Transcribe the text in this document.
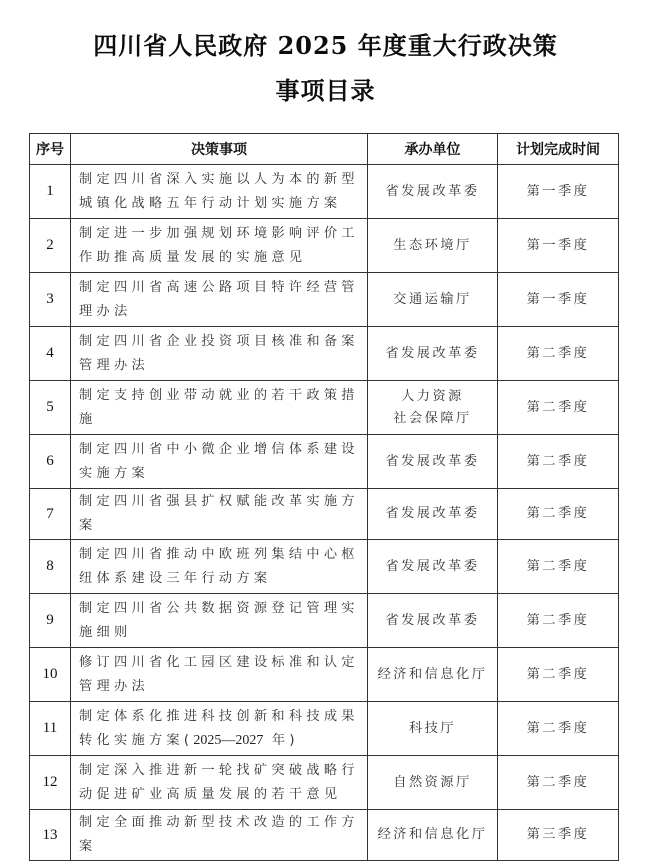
四川省人民政府 2025 年度重大行政决策
事项目录
序号	决策事项	承办单位	计划完成时间
1	制定四川省深入实施以人为本的新型城镇化战略五年行动计划实施方案	省发展改革委	第一季度
2	制定进一步加强规划环境影响评价工作助推高质量发展的实施意见	生态环境厅	第一季度
3	制定四川省高速公路项目特许经营管理办法	交通运输厅	第一季度
4	制定四川省企业投资项目核准和备案管理办法	省发展改革委	第二季度
5	制定支持创业带动就业的若干政策措施	人力资源
社会保障厅	第二季度
6	制定四川省中小微企业增信体系建设实施方案	省发展改革委	第二季度
7	制定四川省强县扩权赋能改革实施方案	省发展改革委	第二季度
8	制定四川省推动中欧班列集结中心枢纽体系建设三年行动方案	省发展改革委	第二季度
9	制定四川省公共数据资源登记管理实施细则	省发展改革委	第二季度
10	修订四川省化工园区建设标准和认定管理办法	经济和信息化厅	第二季度
11	制定体系化推进科技创新和科技成果转化实施方案(2025—2027 年)	科技厅	第二季度
12	制定深入推进新一轮找矿突破战略行动促进矿业高质量发展的若干意见	自然资源厅	第二季度
13	制定全面推动新型技术改造的工作方案	经济和信息化厅	第三季度
